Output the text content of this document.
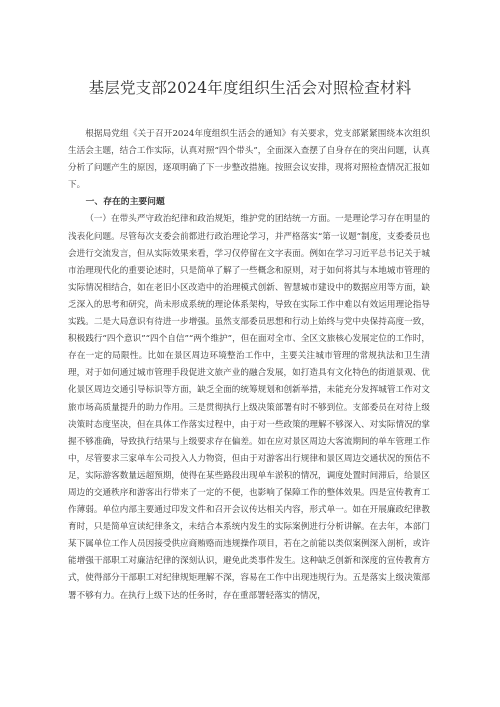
基层党支部2024年度组织生活会对照检查材料

根据局党组《关于召开2024年度组织生活会的通知》有关要求，党支部紧紧围绕本次组织生活会主题，结合工作实际，认真对照“四个带头”，全面深入查摆了自身存在的突出问题，认真分析了问题产生的原因，逐项明确了下一步整改措施。按照会议安排，现将对照检查情况汇报如下。

一、存在的主要问题

（一）在带头严守政治纪律和政治规矩，维护党的团结统一方面。一是理论学习存在明显的浅表化问题。尽管每次支委会前都进行政治理论学习，并严格落实“第一议题”制度，支委委员也会进行交流发言，但从实际效果来看，学习仅停留在文字表面。例如在学习习近平总书记关于城市治理现代化的重要论述时，只是简单了解了一些概念和原则，对于如何将其与本地城市管理的实际情况相结合，如在老旧小区改造中的治理模式创新、智慧城市建设中的数据应用等方面，缺乏深入的思考和研究，尚未形成系统的理论体系架构，导致在实际工作中难以有效运用理论指导实践。二是大局意识有待进一步增强。虽然支部委员思想和行动上始终与党中央保持高度一致，积极践行“四个意识”“四个自信”“两个维护”，但在面对全市、全区文旅核心发展定位的工作时，存在一定的局限性。比如在景区周边环境整治工作中，主要关注城市管理的常规执法和卫生清理，对于如何通过城市管理手段促进文旅产业的融合发展，如打造具有文化特色的街道景观、优化景区周边交通引导标识等方面，缺乏全面的统筹规划和创新举措，未能充分发挥城管工作对文旅市场高质量提升的助力作用。三是贯彻执行上级决策部署有时不够到位。支部委员在对待上级决策时态度坚决，但在具体工作落实过程中，由于对一些政策的理解不够深入、对实际情况的掌握不够准确，导致执行结果与上级要求存在偏差。如在应对景区周边大客流期间的单车管理工作中，尽管要求三家单车公司投入人力物资，但由于对游客出行规律和景区周边交通状况的预估不足，实际游客数量远超预期，使得在某些路段出现单车淤积的情况，调度处置时间滞后，给景区周边的交通秩序和游客出行带来了一定的不便，也影响了保障工作的整体效果。四是宣传教育工作薄弱。单位内部主要通过印发文件和召开会议传达相关内容，形式单一。如在开展廉政纪律教育时，只是简单宣读纪律条文，未结合本系统内发生的实际案例进行分析讲解。在去年，本部门某下属单位工作人员因接受供应商贿赂而违规操作项目，若在之前能以类似案例深入剖析，或许能增强干部职工对廉洁纪律的深刻认识，避免此类事件发生。这种缺乏创新和深度的宣传教育方式，使得部分干部职工对纪律规矩理解不深，容易在工作中出现违规行为。五是落实上级决策部署不够有力。在执行上级下达的任务时，存在重部署轻落实的情况，
